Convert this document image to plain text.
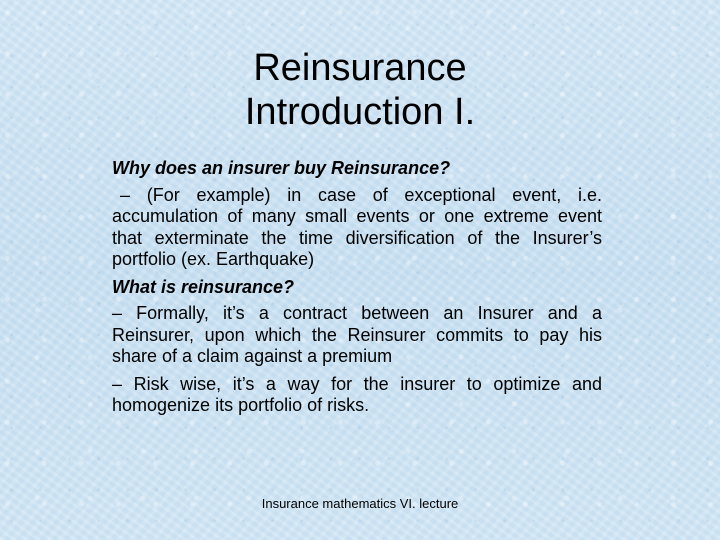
Reinsurance
Introduction I.

Why does an insurer buy Reinsurance?

– (For example) in case of exceptional event, i.e. accumulation of many small events or one extreme event that exterminate the time diversification of the Insurer’s portfolio (ex. Earthquake)

What is reinsurance?

– Formally, it’s a contract between an Insurer and a Reinsurer, upon which the Reinsurer commits to pay his share of a claim against a premium

– Risk wise, it’s a way for the insurer to optimize and homogenize its portfolio of risks.

Insurance mathematics VI. lecture
